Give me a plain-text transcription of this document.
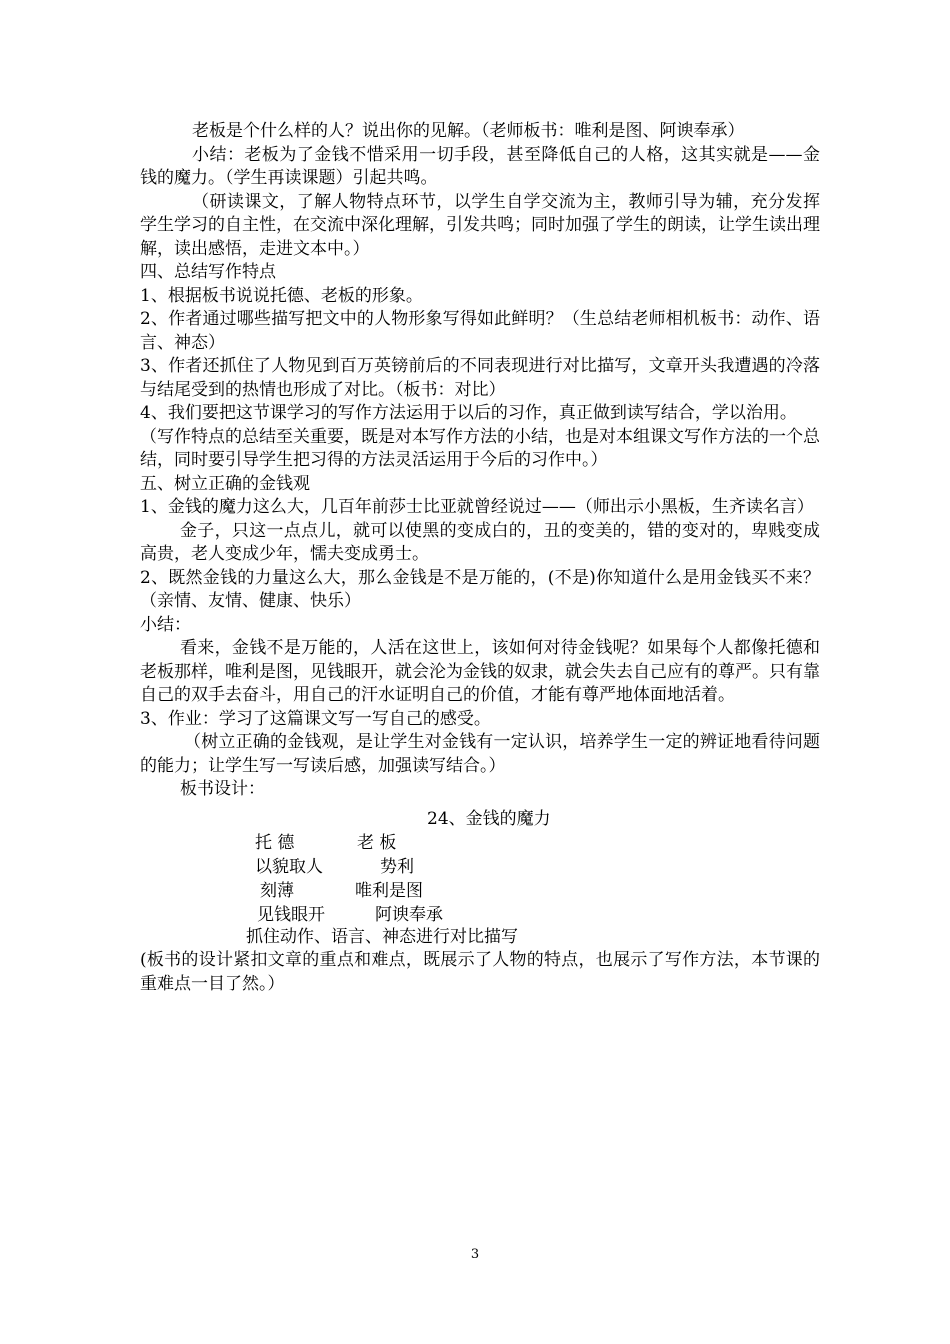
老板是个什么样的人？说出你的见解。（老师板书：唯利是图、阿谀奉承）
小结：老板为了金钱不惜采用一切手段，甚至降低自己的人格，这其实就是——金钱的魔力。（学生再读课题）引起共鸣。
（研读课文，了解人物特点环节，以学生自学交流为主，教师引导为辅，充分发挥学生学习的自主性，在交流中深化理解，引发共鸣；同时加强了学生的朗读，让学生读出理解，读出感悟，走进文本中。）
四、总结写作特点
1、根据板书说说托德、老板的形象。
2、作者通过哪些描写把文中的人物形象写得如此鲜明？（生总结老师相机板书：动作、语言、神态）
3、作者还抓住了人物见到百万英镑前后的不同表现进行对比描写，文章开头我遭遇的冷落与结尾受到的热情也形成了对比。（板书：对比）
4、我们要把这节课学习的写作方法运用于以后的习作，真正做到读写结合，学以治用。
（写作特点的总结至关重要，既是对本写作方法的小结，也是对本组课文写作方法的一个总结，同时要引导学生把习得的方法灵活运用于今后的习作中。）
五、树立正确的金钱观
1、金钱的魔力这么大，几百年前莎士比亚就曾经说过——（师出示小黑板，生齐读名言）
金子，只这一点点儿，就可以使黑的变成白的，丑的变美的，错的变对的，卑贱变成高贵，老人变成少年，懦夫变成勇士。
2、既然金钱的力量这么大，那么金钱是不是万能的，(不是)你知道什么是用金钱买不来？（亲情、友情、健康、快乐）
小结：
看来，金钱不是万能的，人活在这世上，该如何对待金钱呢？如果每个人都像托德和老板那样，唯利是图，见钱眼开，就会沦为金钱的奴隶，就会失去自己应有的尊严。只有靠自己的双手去奋斗，用自己的汗水证明自己的价值，才能有尊严地体面地活着。
3、作业：学习了这篇课文写一写自己的感受。
（树立正确的金钱观，是让学生对金钱有一定认识，培养学生一定的辨证地看待问题的能力；让学生写一写读后感，加强读写结合。）
板书设计：
24、金钱的魔力
托 德	老 板
以貌取人	势利
刻薄	唯利是图
见钱眼开	阿谀奉承
抓住动作、语言、神态进行对比描写
(板书的设计紧扣文章的重点和难点，既展示了人物的特点，也展示了写作方法，本节课的重难点一目了然。）
3
